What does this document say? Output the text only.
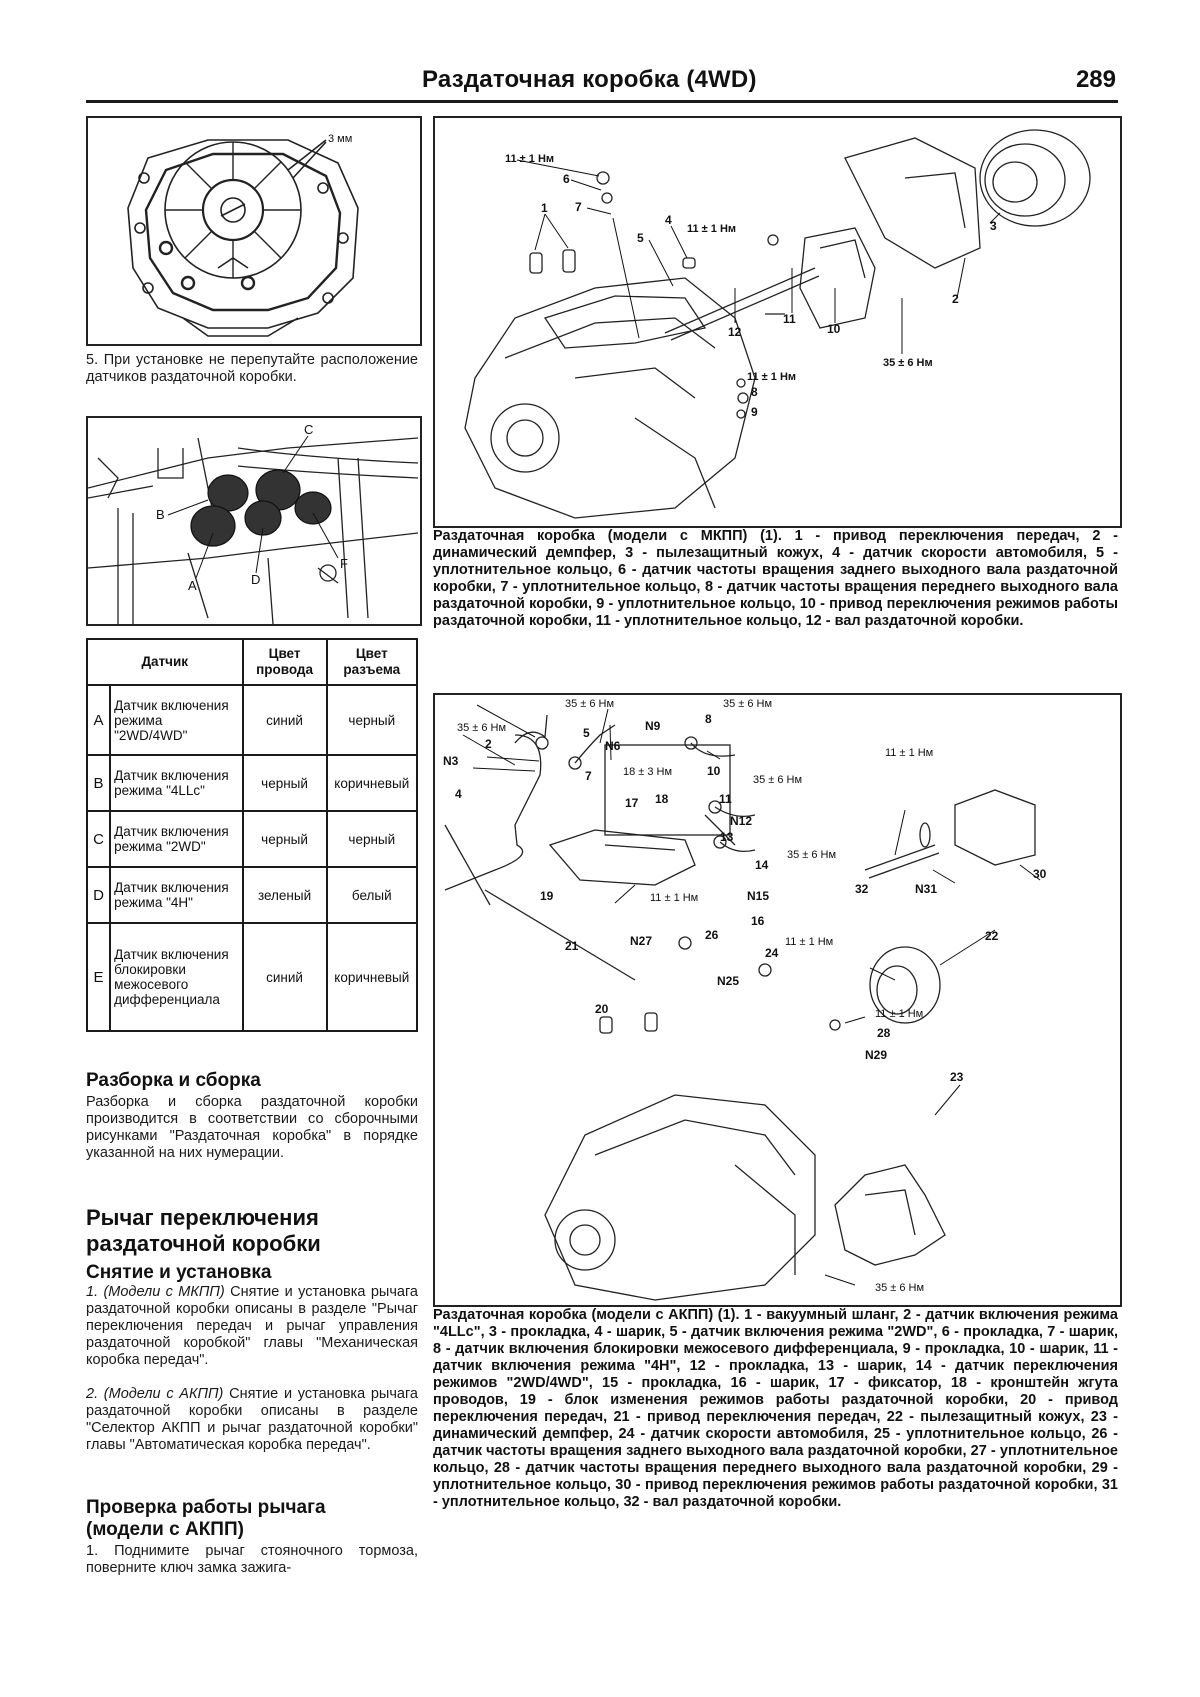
Раздаточная коробка (4WD)	289
3 мм
5. При установке не перепутайте расположение датчиков раздаточной коробки.
C
B
A	D
F
Датчик		Цвет провода	Цвет разъема
A	Датчик включения режима "2WD/4WD"	синий	черный
B	Датчик включения режима "4LLc"	черный	коричневый
C	Датчик включения режима "2WD"	черный	черный
D	Датчик включения режима "4H"	зеленый	белый
E	Датчик включения блокировки межосевого дифференциала	синий	коричневый
Разборка и сборка
Разборка и сборка раздаточной коробки производится в соответствии со сборочными рисунками "Раздаточная коробка" в порядке указанной на них нумерации.
Рычаг переключения раздаточной коробки
Снятие и установка
1. (Модели с МКПП) Снятие и установка рычага раздаточной коробки описаны в разделе "Рычаг переключения передач и рычаг управления раздаточной коробкой" главы "Механическая коробка передач".
2. (Модели с АКПП) Снятие и установка рычага раздаточной коробки описаны в разделе "Селектор АКПП и рычаг раздаточной коробки" главы "Автоматическая коробка передач".
Проверка работы рычага (модели с АКПП)
1. Поднимите рычаг стояночного тормоза, поверните ключ замка зажига-
11 ± 1 Нм
6
7
1
4
11 ± 1 Нм
5
12
11
10
35 ± 6 Нм
2
3
11 ± 1 Нм
8
9
Раздаточная коробка (модели с МКПП) (1). 1 - привод переключения передач, 2 - динамический демпфер, 3 - пылезащитный кожух, 4 - датчик скорости автомобиля, 5 - уплотнительное кольцо, 6 - датчик частоты вращения заднего выходного вала раздаточной коробки, 7 - уплотнительное кольцо, 8 - датчик частоты вращения переднего выходного вала раздаточной коробки, 9 - уплотнительное кольцо, 10 - привод переключения режимов работы раздаточной коробки, 11 - уплотнительное кольцо, 12 - вал раздаточной коробки.
35 ± 6 Нм
35 ± 6 Нм
2
5
N3
4
7	18 ± 3 Нм
N6
N9	8
35 ± 6 Нм
10
17 18	11
35 ± 6 Нм
N12
13
14
35 ± 6 Нм
N15
16
19	11 ± 1 Нм
N27	26
21
20
24
11 ± 1 Нм
N25
11 ± 1 Нм
32	N31
30
22
11 ± 1 Нм
28
N29
23
35 ± 6 Нм
Раздаточная коробка (модели с АКПП) (1). 1 - вакуумный шланг, 2 - датчик включения режима "4LLc", 3 - прокладка, 4 - шарик, 5 - датчик включения режима "2WD", 6 - прокладка, 7 - шарик, 8 - датчик включения блокировки межосевого дифференциала, 9 - прокладка, 10 - шарик, 11 - датчик включения режима "4H", 12 - прокладка, 13 - шарик, 14 - датчик переключения режимов "2WD/4WD", 15 - прокладка, 16 - шарик, 17 - фиксатор, 18 - кронштейн жгута проводов, 19 - блок изменения режимов работы раздаточной коробки, 20 - привод переключения передач, 21 - привод переключения передач, 22 - пылезащитный кожух, 23 - динамический демпфер, 24 - датчик скорости автомобиля, 25 - уплотнительное кольцо, 26 - датчик частоты вращения заднего выходного вала раздаточной коробки, 27 - уплотнительное кольцо, 28 - датчик частоты вращения переднего выходного вала раздаточной коробки, 29 - уплотнительное кольцо, 30 - привод переключения режимов работы раздаточной коробки, 31 - уплотнительное кольцо, 32 - вал раздаточной коробки.
